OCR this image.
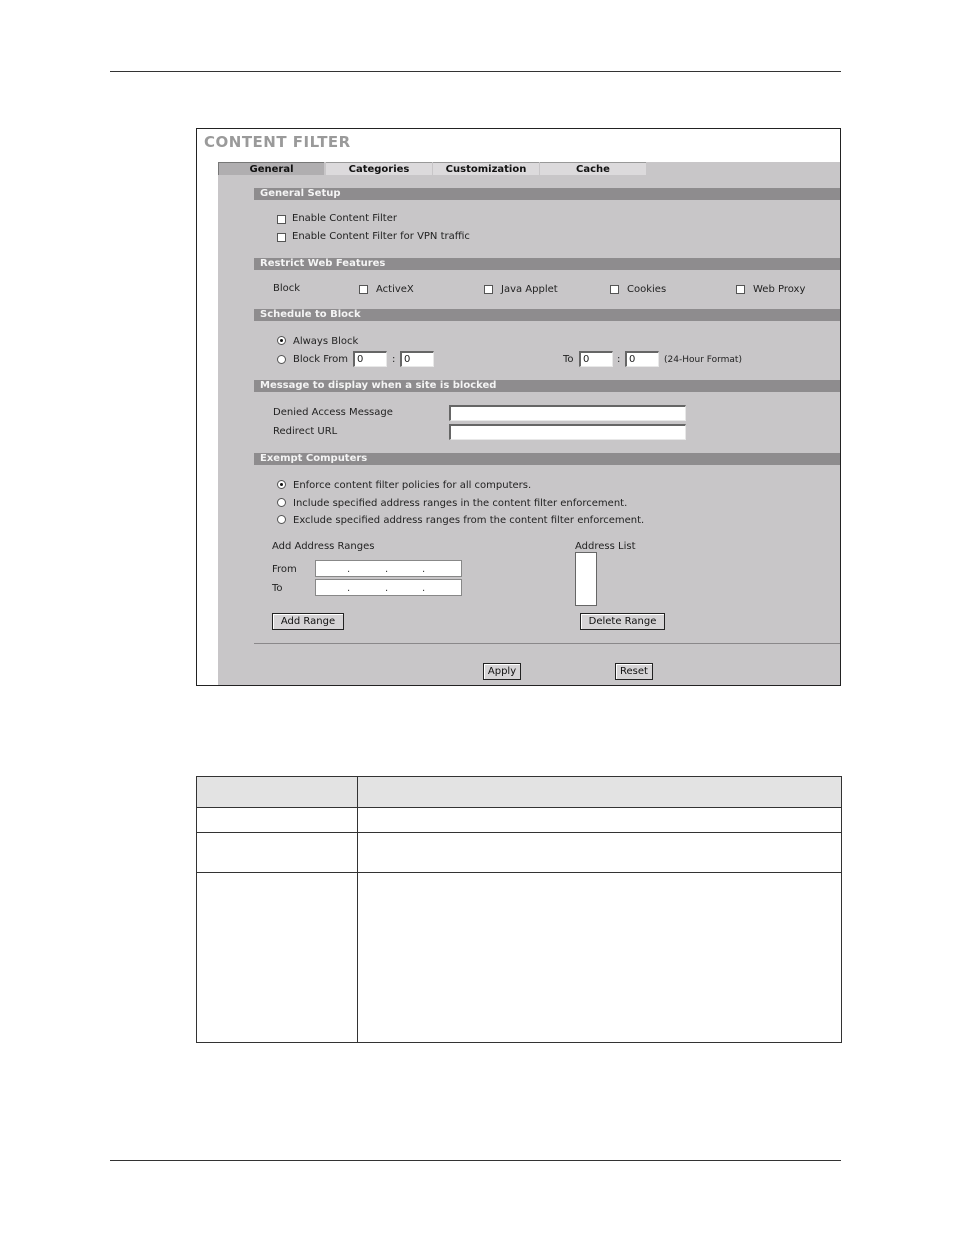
CONTENT FILTER
General	Categories	Customization	Cache
General Setup
Enable Content Filter
Enable Content Filter for VPN traffic
Restrict Web Features
Block	ActiveX	Java Applet	Cookies	Web Proxy
Schedule to Block
Always Block
Block From 0	: 0	To 0	: 0	(24-Hour Format)
Message to display when a site is blocked
Denied Access Message
Redirect URL
Exempt Computers
Enforce content filter policies for all computers.
Include specified address ranges in the content filter enforcement.
Exclude specified address ranges from the content filter enforcement.
Add Address Ranges	Address List
From	.	.	.
To	.	.	.
Add Range	Delete Range
Apply	Reset
